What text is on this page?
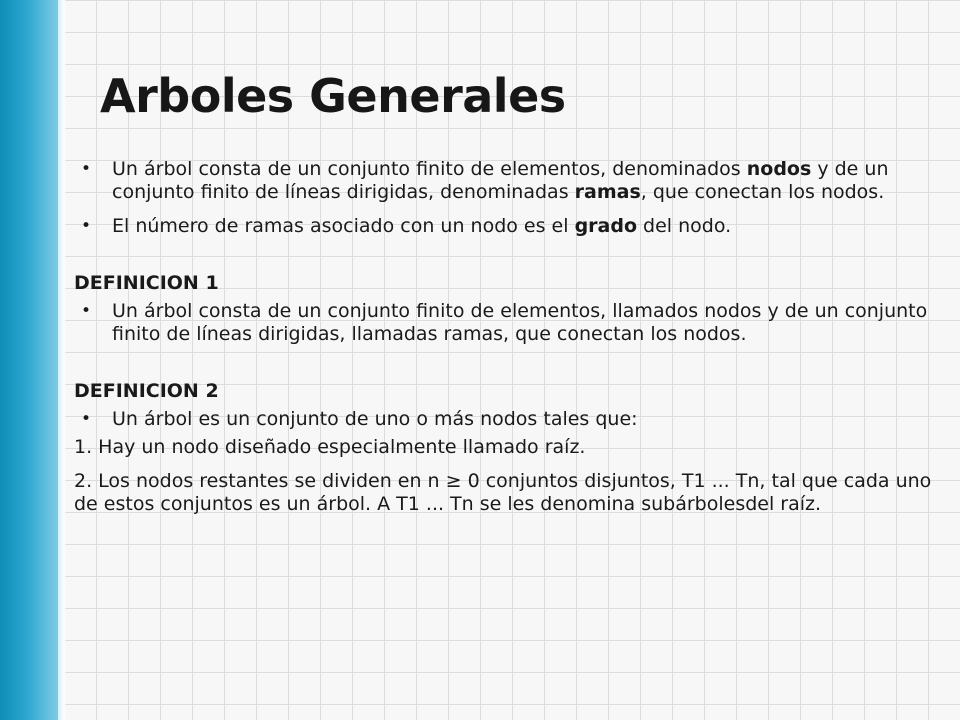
Arboles Generales
• Un árbol consta de un conjunto finito de elementos, denominados nodos y de un conjunto finito de líneas dirigidas, denominadas ramas, que conectan los nodos.
• El número de ramas asociado con un nodo es el grado del nodo.
DEFINICION 1
• Un árbol consta de un conjunto finito de elementos, llamados nodos y de un conjunto finito de líneas dirigidas, llamadas ramas, que conectan los nodos.
DEFINICION 2
• Un árbol es un conjunto de uno o más nodos tales que:
1. Hay un nodo diseñado especialmente llamado raíz.
2. Los nodos restantes se dividen en n ≥ 0 conjuntos disjuntos, T1 ... Tn, tal que cada uno de estos conjuntos es un árbol. A T1 ... Tn se les denomina subárbolesdel raíz.
